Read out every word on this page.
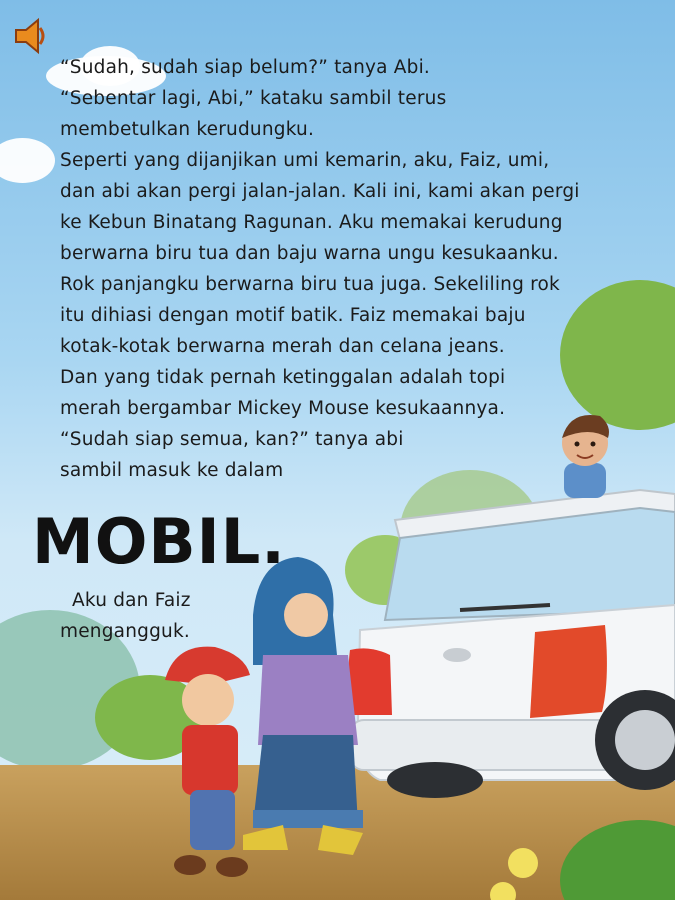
“Sudah, sudah siap belum?” tanya Abi.
“Sebentar lagi, Abi,” kataku sambil terus
membetulkan kerudungku.
Seperti yang dijanjikan umi kemarin, aku, Faiz, umi,
dan abi akan pergi jalan-jalan. Kali ini, kami akan pergi
ke Kebun Binatang Ragunan. Aku memakai kerudung
berwarna biru tua dan baju warna ungu kesukaanku.
Rok panjangku berwarna biru tua juga. Sekeliling rok
itu dihiasi dengan motif batik. Faiz memakai baju
kotak-kotak berwarna merah dan celana jeans.
Dan yang tidak pernah ketinggalan adalah topi
merah bergambar Mickey Mouse kesukaannya.
“Sudah siap semua, kan?” tanya abi
sambil masuk ke dalam
MOBIL.
Aku dan Faiz
mengangguk.
